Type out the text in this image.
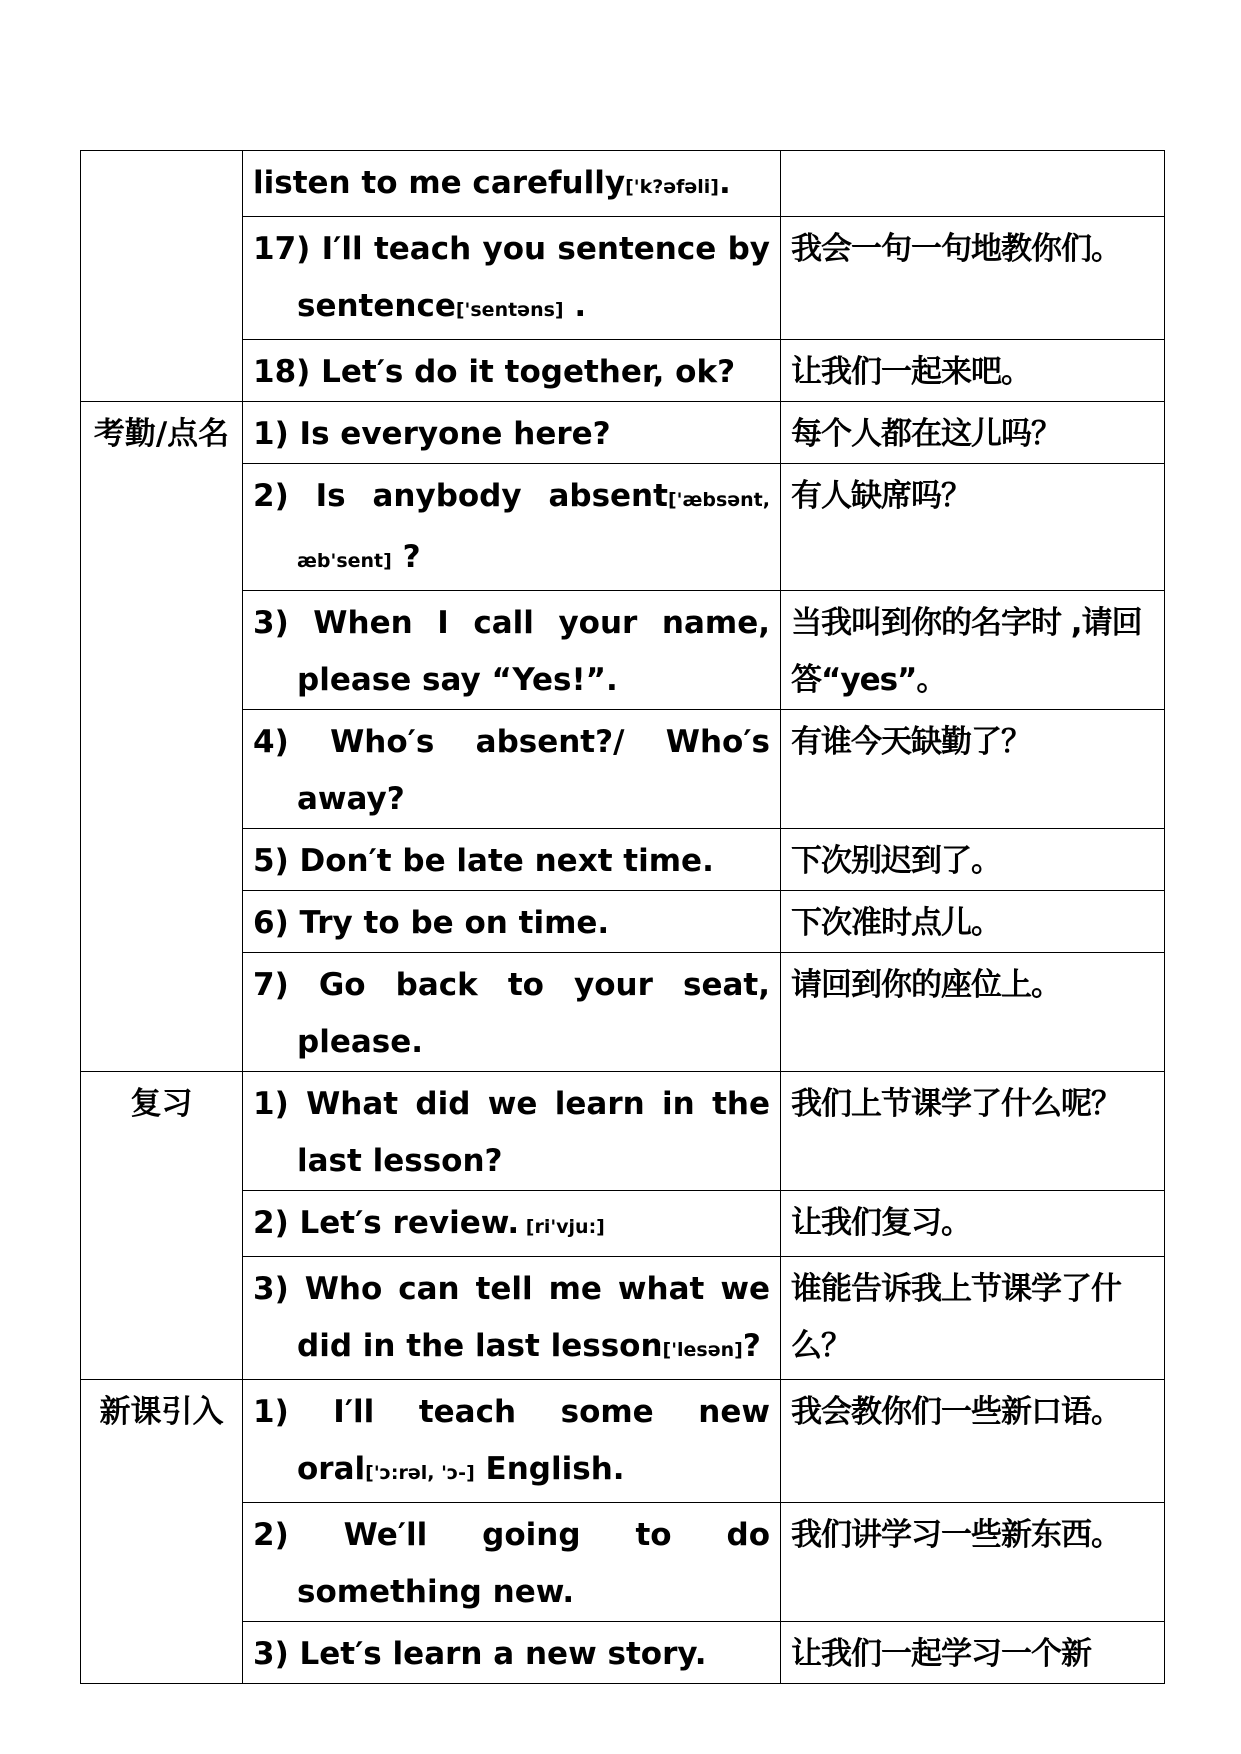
	listen to me carefully['k?əfəli].	

	17) I′ll teach you sentence by sentence['sentəns] .	我会一句一句地教你们。

	18) Let′s do it together, ok?	让我们一起来吧。
考勤/点名	1) Is everyone here?	每个人都在这儿吗？

	2) Is anybody absent['æbsənt, æb'sent] ?	有人缺席吗？

	3) When I call your name, please say “Yes!”.	当我叫到你的名字时 ,请回答“yes”。

	4) Who′s absent?/ Who′s away?	有谁今天缺勤了？

	5) Don′t be late next time.	下次别迟到了。

	6) Try to be on time.	下次准时点儿。

	7) Go back to your seat, please.	请回到你的座位上。
复习	1) What did we learn in the last lesson?	我们上节课学了什么呢？

	2) Let′s review. [ri'vju:]	让我们复习。

	3) Who can tell me what we did in the last lesson['lesən]?	谁能告诉我上节课学了什么？
新课引入	1) I′ll teach some new oral['ɔ:rəl, 'ɔ-] English.	我会教你们一些新口语。

	2) We′ll going to do something new.	我们讲学习一些新东西。

	3) Let′s learn a new story.	让我们一起学习一个新
